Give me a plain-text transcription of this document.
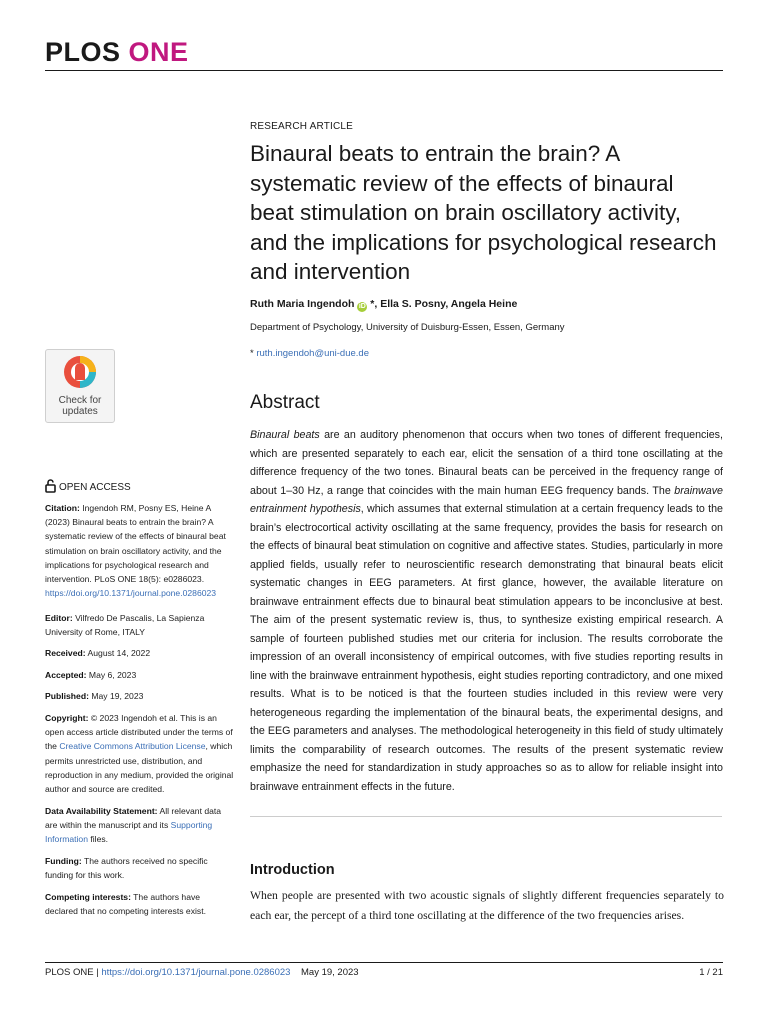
PLOS ONE
RESEARCH ARTICLE
Binaural beats to entrain the brain? A systematic review of the effects of binaural beat stimulation on brain oscillatory activity, and the implications for psychological research and intervention
Ruth Maria Ingendoh iD *, Ella S. Posny, Angela Heine
Department of Psychology, University of Duisburg-Essen, Essen, Germany
* ruth.ingendoh@uni-due.de
Abstract
Binaural beats are an auditory phenomenon that occurs when two tones of different frequencies, which are presented separately to each ear, elicit the sensation of a third tone oscillating at the difference frequency of the two tones. Binaural beats can be perceived in the frequency range of about 1–30 Hz, a range that coincides with the main human EEG frequency bands. The brainwave entrainment hypothesis, which assumes that external stimulation at a certain frequency leads to the brain’s electrocortical activity oscillating at the same frequency, provides the basis for research on the effects of binaural beat stimulation on cognitive and affective states. Studies, particularly in more applied fields, usually refer to neuroscientific research demonstrating that binaural beats elicit systematic changes in EEG parameters. At first glance, however, the available literature on brainwave entrainment effects due to binaural beat stimulation appears to be inconclusive at best. The aim of the present systematic review is, thus, to synthesize existing empirical research. A sample of fourteen published studies met our criteria for inclusion. The results corroborate the impression of an overall inconsistency of empirical outcomes, with five studies reporting results in line with the brainwave entrainment hypothesis, eight studies reporting contradictory, and one mixed results. What is to be noticed is that the fourteen studies included in this review were very heterogeneous regarding the implementation of the binaural beats, the experimental designs, and the EEG parameters and analyses. The methodological heterogeneity in this field of study ultimately limits the comparability of research outcomes. The results of the present systematic review emphasize the need for standardization in study approaches so as to allow for reliable insight into brainwave entrainment effects in the future.
Introduction
When people are presented with two acoustic signals of slightly different frequencies separately to each ear, the percept of a third tone oscillating at the difference of the two frequencies arises.
Check for
updates
OPEN ACCESS
Citation: Ingendoh RM, Posny ES, Heine A (2023) Binaural beats to entrain the brain? A systematic review of the effects of binaural beat stimulation on brain oscillatory activity, and the implications for psychological research and intervention. PLoS ONE 18(5): e0286023. https://doi.org/10.1371/journal.pone.0286023
Editor: Vilfredo De Pascalis, La Sapienza University of Rome, ITALY
Received: August 14, 2022
Accepted: May 6, 2023
Published: May 19, 2023
Copyright: © 2023 Ingendoh et al. This is an open access article distributed under the terms of the Creative Commons Attribution License, which permits unrestricted use, distribution, and reproduction in any medium, provided the original author and source are credited.
Data Availability Statement: All relevant data are within the manuscript and its Supporting Information files.
Funding: The authors received no specific funding for this work.
Competing interests: The authors have declared that no competing interests exist.
PLOS ONE | https://doi.org/10.1371/journal.pone.0286023 May 19, 2023	1 / 21
